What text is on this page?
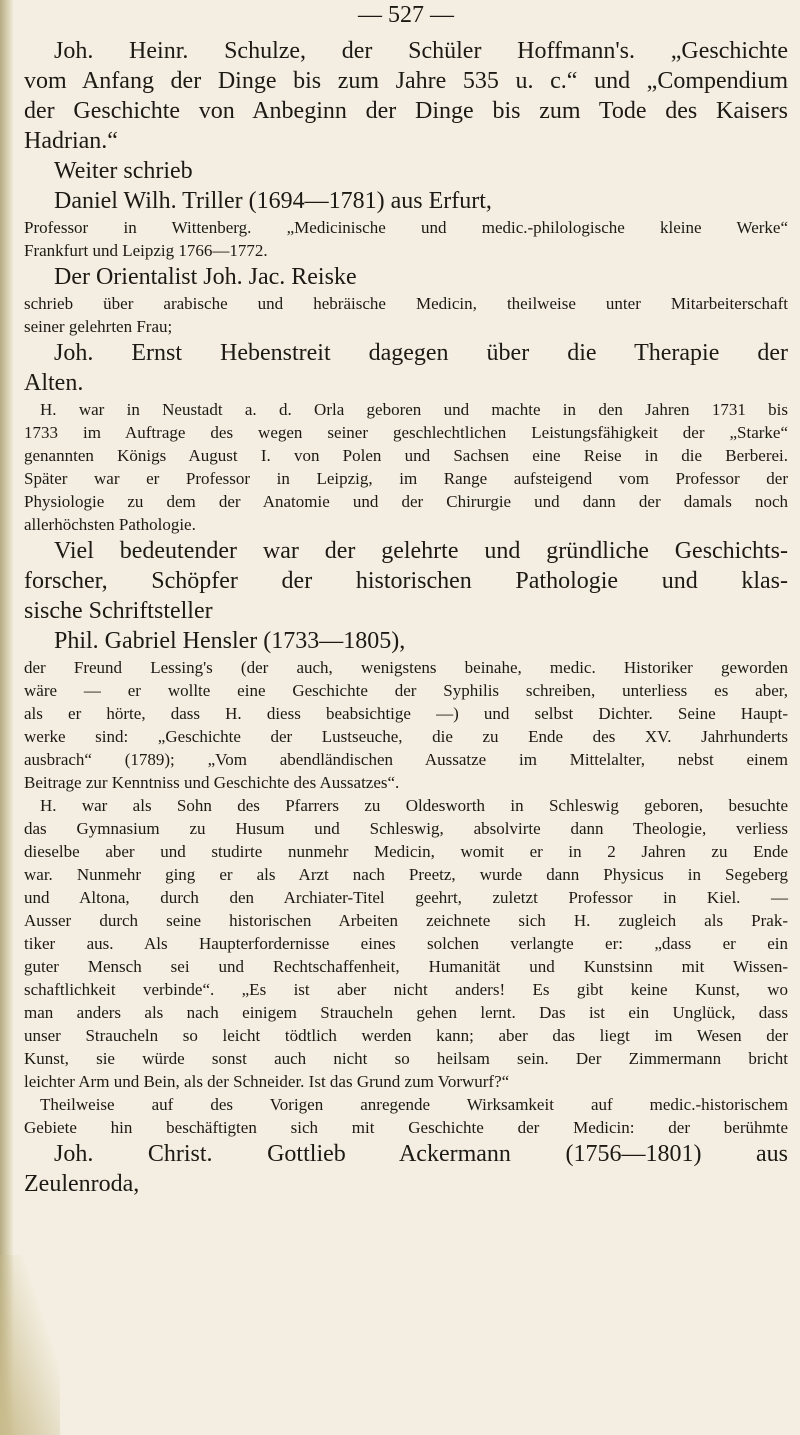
— 527 —
Joh. Heinr. Schulze, der Schüler Hoffmann's. „Geschichte
vom Anfang der Dinge bis zum Jahre 535 u. c.“ und „Compendium
der Geschichte von Anbeginn der Dinge bis zum Tode des Kaisers
Hadrian.“
Weiter schrieb
Daniel Wilh. Triller (1694—1781) aus Erfurt,
Professor in Wittenberg. „Medicinische und medic.-philologische kleine Werke“
Frankfurt und Leipzig 1766—1772.
Der Orientalist Joh. Jac. Reiske
schrieb über arabische und hebräische Medicin, theilweise unter Mitarbeiterschaft
seiner gelehrten Frau;
Joh. Ernst Hebenstreit dagegen über die Therapie der
Alten.
H. war in Neustadt a. d. Orla geboren und machte in den Jahren 1731 bis
1733 im Auftrage des wegen seiner geschlechtlichen Leistungsfähigkeit der „Starke“
genannten Königs August I. von Polen und Sachsen eine Reise in die Berberei.
Später war er Professor in Leipzig, im Range aufsteigend vom Professor der
Physiologie zu dem der Anatomie und der Chirurgie und dann der damals noch
allerhöchsten Pathologie.
Viel bedeutender war der gelehrte und gründliche Geschichts-
forscher, Schöpfer der historischen Pathologie und klas-
sische Schriftsteller
Phil. Gabriel Hensler (1733—1805),
der Freund Lessing's (der auch, wenigstens beinahe, medic. Historiker geworden
wäre — er wollte eine Geschichte der Syphilis schreiben, unterliess es aber,
als er hörte, dass H. diess beabsichtige —) und selbst Dichter. Seine Haupt-
werke sind: „Geschichte der Lustseuche, die zu Ende des XV. Jahrhunderts
ausbrach“ (1789); „Vom abendländischen Aussatze im Mittelalter, nebst einem
Beitrage zur Kenntniss und Geschichte des Aussatzes“.
H. war als Sohn des Pfarrers zu Oldesworth in Schleswig geboren, besuchte
das Gymnasium zu Husum und Schleswig, absolvirte dann Theologie, verliess
dieselbe aber und studirte nunmehr Medicin, womit er in 2 Jahren zu Ende
war. Nunmehr ging er als Arzt nach Preetz, wurde dann Physicus in Segeberg
und Altona, durch den Archiater-Titel geehrt, zuletzt Professor in Kiel. —
Ausser durch seine historischen Arbeiten zeichnete sich H. zugleich als Prak-
tiker aus. Als Haupterfordernisse eines solchen verlangte er: „dass er ein
guter Mensch sei und Rechtschaffenheit, Humanität und Kunstsinn mit Wissen-
schaftlichkeit verbinde“. „Es ist aber nicht anders! Es gibt keine Kunst, wo
man anders als nach einigem Straucheln gehen lernt. Das ist ein Unglück, dass
unser Straucheln so leicht tödtlich werden kann; aber das liegt im Wesen der
Kunst, sie würde sonst auch nicht so heilsam sein. Der Zimmermann bricht
leichter Arm und Bein, als der Schneider. Ist das Grund zum Vorwurf?“
Theilweise auf des Vorigen anregende Wirksamkeit auf medic.-historischem
Gebiete hin beschäftigten sich mit Geschichte der Medicin: der berühmte
Joh. Christ. Gottlieb Ackermann (1756—1801) aus
Zeulenroda,
